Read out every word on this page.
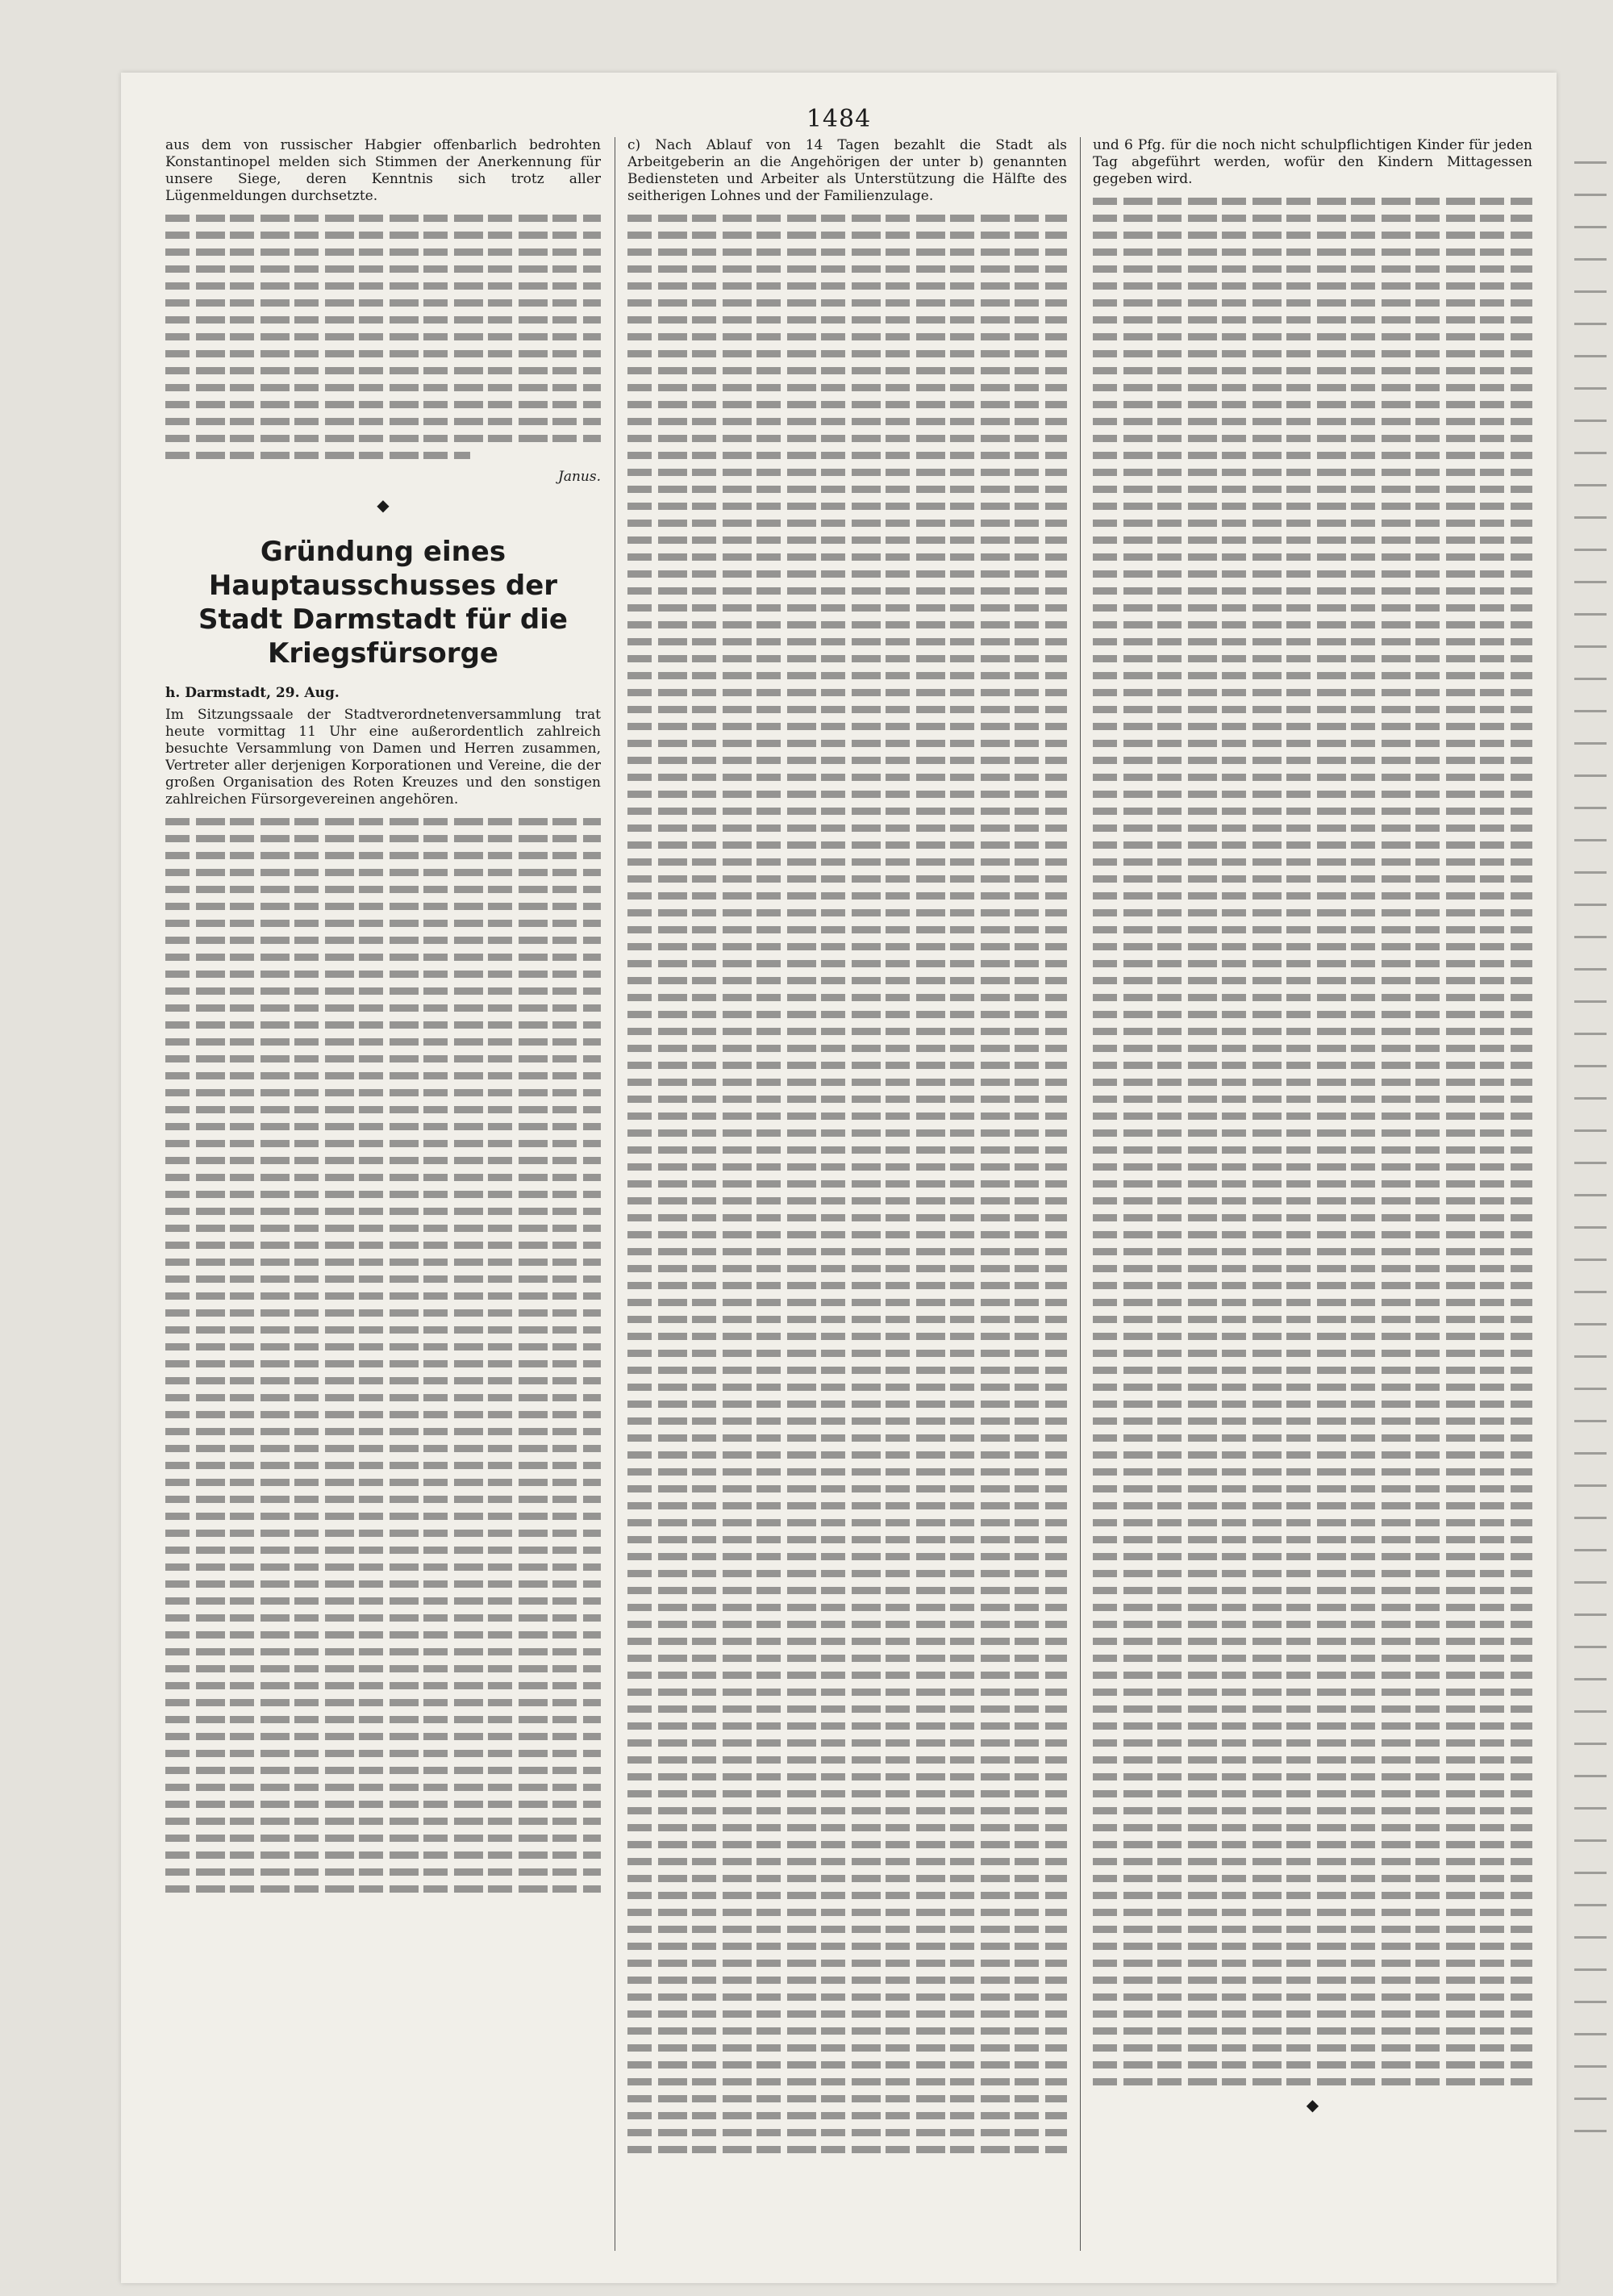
1484

aus dem von russischer Habgier offenbarlich bedrohten Konstantinopel melden sich Stimmen der Anerkennung für unsere Siege, deren Kenntnis sich trotz aller Lügenmeldungen durchsetzte.

Janus.
◆
Gründung eines Hauptausschusses der Stadt Darmstadt für die Kriegsfürsorge

h. Darmstadt, 29. Aug.

Im Sitzungssaale der Stadtverordnetenversammlung trat heute vormittag 11 Uhr eine außerordentlich zahlreich besuchte Versammlung von Damen und Herren zusammen, Vertreter aller derjenigen Korporationen und Vereine, die der großen Organisation des Roten Kreuzes und den sonstigen zahlreichen Fürsorgevereinen angehören.

c) Nach Ablauf von 14 Tagen bezahlt die Stadt als Arbeitgeberin an die Angehörigen der unter b) genannten Bediensteten und Arbeiter als Unterstützung die Hälfte des seitherigen Lohnes und der Familienzulage.

und 6 Pfg. für die noch nicht schulpflichtigen Kinder für jeden Tag abgeführt werden, wofür den Kindern Mittagessen gegeben wird.

◆
